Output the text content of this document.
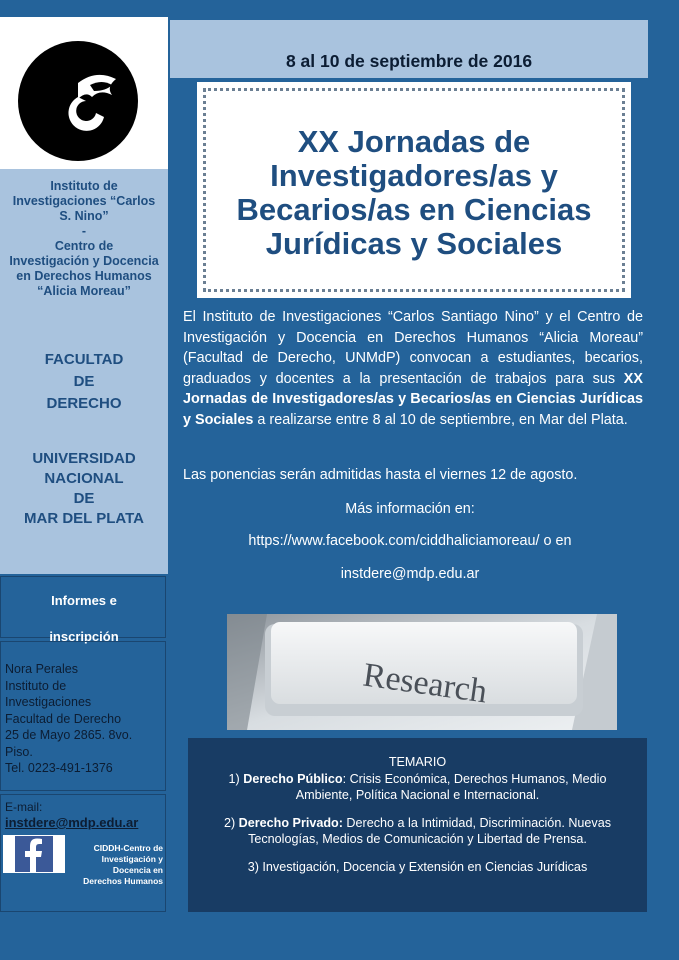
Instituto de
Investigaciones “Carlos
S. Nino”
-
Centro de
Investigación y Docencia
en Derechos Humanos
“Alicia Moreau”
FACULTAD
DE
DERECHO
UNIVERSIDAD
NACIONAL
DE
MAR DEL PLATA
Informes e
inscripción
Nora Perales
Instituto de
Investigaciones
Facultad de Derecho
25 de Mayo 2865. 8vo.
Piso.
Tel. 0223-491-1376
E-mail:
instdere@mdp.edu.ar
CIDDH-Centro de
Investigación y
Docencia en
Derechos Humanos
8 al 10 de septiembre de 2016
XX Jornadas de
Investigadores/as y
Becarios/as en Ciencias
Jurídicas y Sociales
El Instituto de Investigaciones “Carlos Santiago Nino” y el Centro de Investigación y Docencia en Derechos Humanos “Alicia Moreau” (Facultad de Derecho, UNMdP) convocan a estudiantes, becarios, graduados y docentes a la presentación de trabajos para sus XX Jornadas de Investigadores/as y Becarios/as en Ciencias Jurídicas y Sociales a realizarse entre 8 al 10 de septiembre, en Mar del Plata.
Las ponencias serán admitidas hasta el viernes 12 de agosto.
Más información en:
https://www.facebook.com/ciddhaliciamoreau/ o en
instdere@mdp.edu.ar
Research
TEMARIO

1) Derecho Público: Crisis Económica, Derechos Humanos, Medio Ambiente, Política Nacional e Internacional.

2) Derecho Privado: Derecho a la Intimidad, Discriminación. Nuevas Tecnologías, Medios de Comunicación y Libertad de Prensa.

3) Investigación, Docencia y Extensión en Ciencias Jurídicas
